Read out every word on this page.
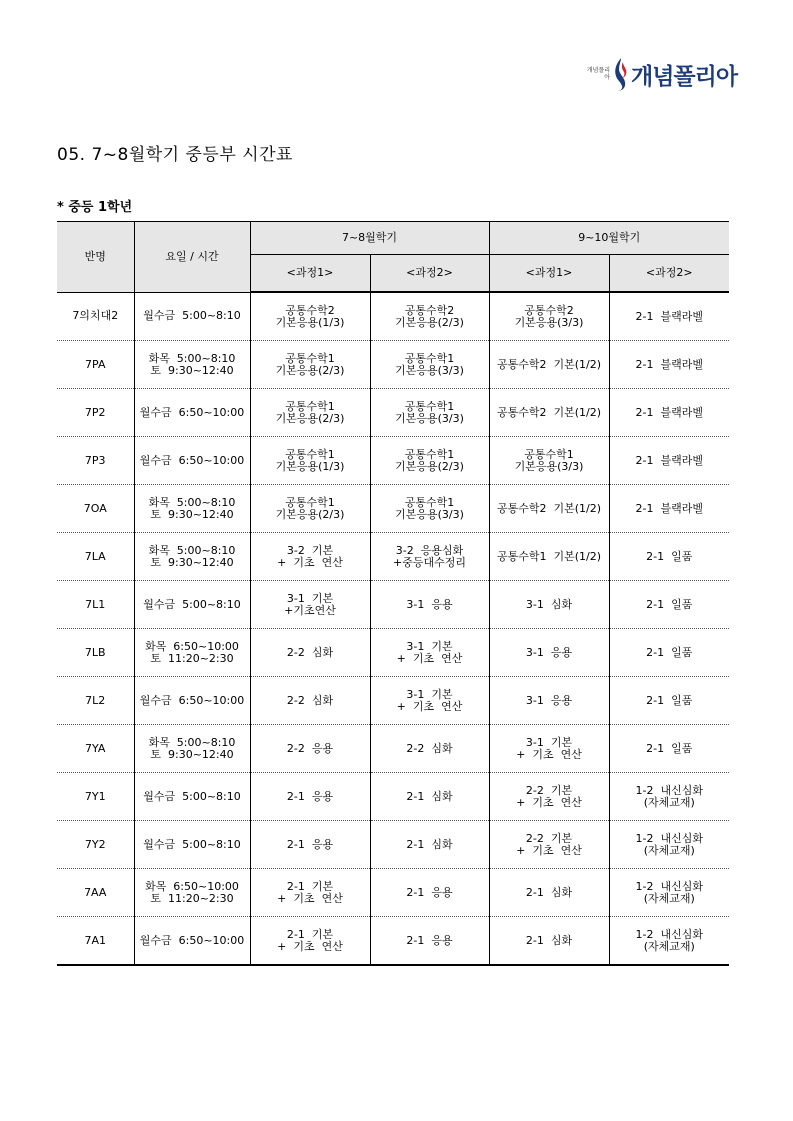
개념플리아 개념폴리아
05. 7~8월학기 중등부 시간표
* 중등 1학년
반명	요일 / 시간	7~8월학기		9~10월학기	
		<과정1>	<과정2>	<과정1>	<과정2>
7의치대2	월수금  5:00~8:10	공통수학2
기본응용(1/3)	공통수학2
기본응용(2/3)	공통수학2
기본응용(3/3)	2-1  블랙라벨

7PA	화목  5:00~8:10
토  9:30~12:40	공통수학1
기본응용(2/3)	공통수학1
기본응용(3/3)	공통수학2  기본(1/2)	2-1  블랙라벨

7P2	월수금  6:50~10:00	공통수학1
기본응용(2/3)	공통수학1
기본응용(3/3)	공통수학2  기본(1/2)	2-1  블랙라벨

7P3	월수금  6:50~10:00	공통수학1
기본응용(1/3)	공통수학1
기본응용(2/3)	공통수학1
기본응용(3/3)	2-1  블랙라벨

7OA	화목  5:00~8:10
토  9:30~12:40	공통수학1
기본응용(2/3)	공통수학1
기본응용(3/3)	공통수학2  기본(1/2)	2-1  블랙라벨

7LA	화목  5:00~8:10
토  9:30~12:40	3-2  기본
+  기초  연산	3-2  응용심화
+중등대수정리	공통수학1  기본(1/2)	2-1  일품

7L1	월수금  5:00~8:10	3-1  기본
+기초연산	3-1  응용	3-1  심화	2-1  일품

7LB	화목  6:50~10:00
토  11:20~2:30	2-2  심화	3-1  기본
+  기초  연산	3-1  응용	2-1  일품

7L2	월수금  6:50~10:00	2-2  심화	3-1  기본
+  기초  연산	3-1  응용	2-1  일품

7YA	화목  5:00~8:10
토  9:30~12:40	2-2  응용	2-2  심화	3-1  기본
+  기초  연산	2-1  일품

7Y1	월수금  5:00~8:10	2-1  응용	2-1  심화	2-2  기본
+  기초  연산	1-2  내신심화
(자체교재)

7Y2	월수금  5:00~8:10	2-1  응용	2-1  심화	2-2  기본
+  기초  연산	1-2  내신심화
(자체교재)

7AA	화목  6:50~10:00
토  11:20~2:30	2-1  기본
+  기초  연산	2-1  응용	2-1  심화	1-2  내신심화
(자체교재)

7A1	월수금  6:50~10:00	2-1  기본
+  기초  연산	2-1  응용	2-1  심화	1-2  내신심화
(자체교재)
